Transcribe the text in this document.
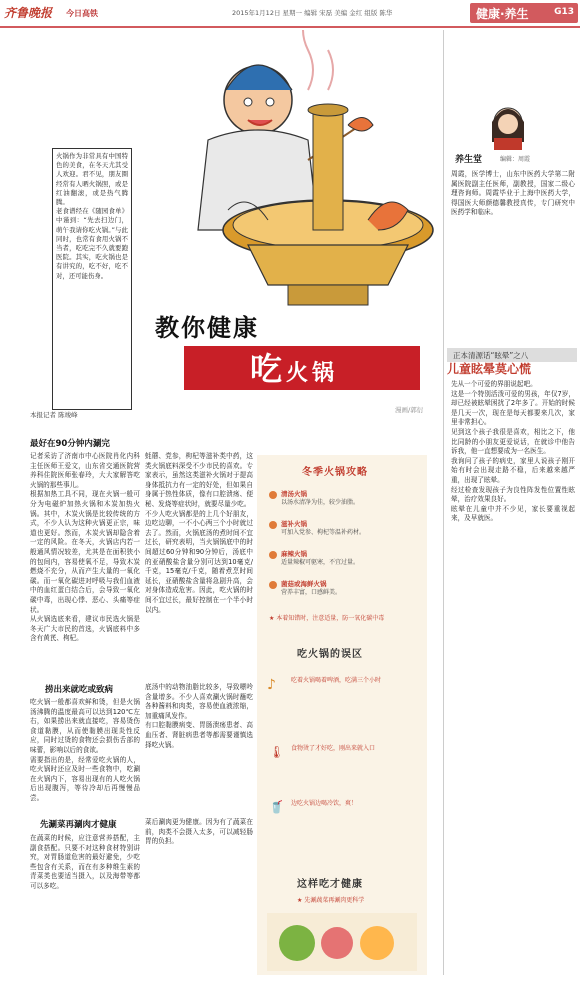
齐鲁晚报 今日高铁	2015年1月12日 星期一 编辑 宋磊 美编 金红 组版 陈华	健康·养生	G13
火锅作为非常具有中国特色的美食，在冬天尤其受人欢迎。君不见，朋友圈经常有人晒火锅照，或是红油翻滚，或是热气腾腾。
老食谱经在《随园食单》中谨到：“先去扫边门，萌午我请你吃火锅。”与此同时，也常有食用火锅不当者，吃吃完不久就要跑医院。其实，吃火锅也是有讲究的，吃不好，吃不对，还可能伤身。
教你健康
吃火锅
本报记者 陈竣峰
漫画/郭衍
最好在90分钟内涮完
记者采访了济南市中心医院肖化内科主任医师王爱文，山东省交通医院营养科住院医师张春玲，大大家解答吃火锅的那些事儿。
根据加热工具不同，现在火锅一般可分为电磁炉加热火锅和木炭加热火锅。其中，木炭火锅是比较传统的方式，不少人认为这种火锅更正宗，味道也更好。然而，木炭火锅却隐含着一定的风险。在冬天，火锅店内若一般通风情况较差，尤其是在面积狭小的包间内，容易使氧不足，导致木炭燃烧不充分，从而产生大量的一氧化碳。而一氧化碳进对呼吸与我们血液中的血红蛋白结合后，会导致一氧化碳中毒，出现心悸、恶心、头痛等症状。
从火锅选底来看，建议市民选火锅是冬天广大市民的首选，火锅底料中多含有黄芪、枸杞。
蚝蘑、党参，枸杞等滋补类中药，这类火锅底料深受不少市民的喜欢。专家表示，虽然这类滋补火锅对于提高身体抵抗力有一定的好处，但如果自身属于热性体质，像有口腔溃疡、便秘、发烧等症状时，就要尽量少吃。
不少人吃火锅都是的上几个好朋友，边吃边聊，一不小心两三个小时就过去了。然而，火锅底汤的煮时间不宜过长，研究表明，当火锅锅底中的时间超过60分钟和90分钟后，汤底中的亚硝酸盐含量分别可达到10毫克/千克，15毫克/千克，随着煮烹时间延长，亚硝酸盐含量将急剧升高，会对身体造成危害。因此，吃火锅的时间不宜过长，最好控制在一个半小时以内。
捞出来就吃或致病
吃火锅一般都喜欢鲜和烫，但是火锅汤沸腾的温度最高可以达到120℃左右，如果捞出来就直接吃，容易烫伤食道黏膜，从而使黏膜出现炎性反应，同时过烫的食物还会损伤舌部的味蕾，影响以后的食欲。
需要指出的是，经常爱吃火锅的人，吃火锅时还应及时一些食物中，吃涮在火锅内下，容易出现有的人吃火锅后出现腹泻，等待冷却后再慢慢品尝。
底汤中的动物油脂比较多，导致嘌呤含量增多。不少人喜欢涮火锅时蘸吃各种酱料和肉类，容易使血液浓缩，加重痛风发作。
有口腔黏膜病变、胃肠溃疡患者、高血压者、肾脏病患者等都需要谨慎选择吃火锅。
先涮菜再涮肉才健康
在蔬菜的时候，应注意营养搭配，主副食搭配。只要不对这种食材特别讲究，对胃肠道危害的最好避免，少吃些包含有关系，而在有多种维生素的青菜类也要适当摄入，以及海带等都可以多吃。
菜后涮肉更为健康。因为有了蔬菜在前，肉类不会摄入太多，可以减轻肠胃的负担。
冬季火锅攻略
清汤火锅
以汤水清净为佳，较少油脂。
滋补火锅
可加入党参、枸杞等温补药材。
麻辣火锅
适量辣椒可驱寒，不宜过量。
菌菇或海鲜火锅
营养丰富，口感鲜美。
★ 本着知错时，注意适量，防一氧化碳中毒
吃火锅的误区
♪	吃着火锅喝着啤酒，吃满三个小时
🌡 食物烫了才好吃，刚出来就入口
🥤 边吃火锅边喝冷饮，爽！
这样吃才健康
★ 先涮蔬菜再涮肉更科学
养生堂	编辑：周霞
周霞，医学博士，山东中医药大学第二附属医院副主任医师，副教授，国家二级心理咨询师。周霞毕业于上海中医药大学，得国医大师颜德馨教授真传，专门研究中医药学和临床。
正本清源话“眩晕”之八
儿童眩晕莫心慌
先从一个可爱的界朋说起吧。
这是一个特别活泼可爱的男孩，年仅7岁，却已经被眩晕困扰了2年多了。开始的时候是几天一次，现在是每天都要来几次，家里非常担心。
见到这个孩子我很是喜欢，相比之下，他比同龄的小朋友更爱说话，在就诊中他告诉我，他一直想要成为一名医生。
我询问了孩子的病史，家里人说孩子刚开始有时会出现走路不稳，后来越来越严重，出现了眩晕。
经过检查发现孩子为良性阵发性位置性眩晕，治疗效果良好。
眩晕在儿童中并不少见，家长要重视起来，及早就医。
